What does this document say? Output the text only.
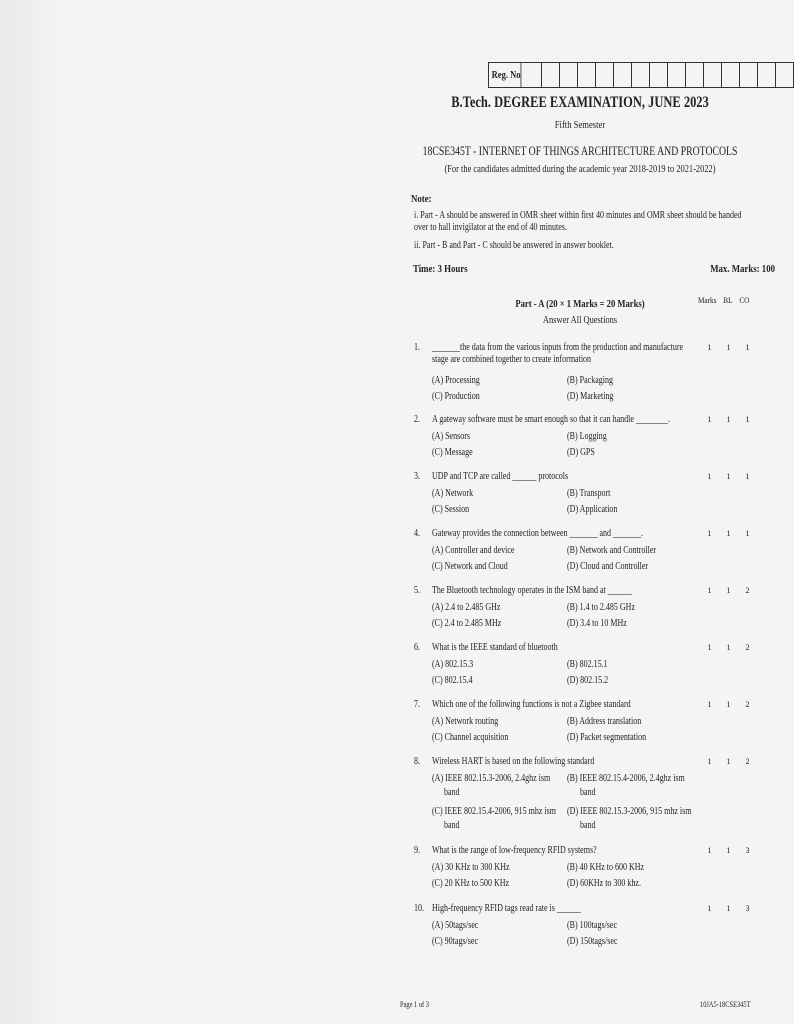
Reg. No
B.Tech. DEGREE EXAMINATION, JUNE 2023
Fifth Semester
18CSE345T - INTERNET OF THINGS ARCHITECTURE AND PROTOCOLS
(For the candidates admitted during the academic year 2018-2019 to 2021-2022)
Note:
i. Part - A should be answered in OMR sheet within first 40 minutes and OMR sheet should be handed over to hall invigilator at the end of 40 minutes.
ii. Part - B and Part - C should be answered in answer booklet.
Time: 3 Hours	Max. Marks: 100
Part - A (20 × 1 Marks = 20 Marks)
Answer All Questions
Marks BL CO
1. _______the data from the various inputs from the production and manufacture stage are combined together to create information
(A) Processing	(B) Packaging
(C) Production	(D) Marketing
1 1 1
2. A gateway software must be smart enough so that it can handle ________.
(A) Sensors	(B) Logging
(C) Message	(D) GPS
1 1 1
3. UDP and TCP are called ______ protocols
(A) Network	(B) Transport
(C) Session	(D) Application
1 1 1
4. Gateway provides the connection between _______ and _______.
(A) Controller and device	(B) Network and Controller
(C) Network and Cloud	(D) Cloud and Controller
1 1 1
5. The Bluetooth technology operates in the ISM band at ______
(A) 2.4 to 2.485 GHz	(B) 1.4 to 2.485 GHz
(C) 2.4 to 2.485 MHz	(D) 3.4 to 10 MHz
1 1 2
6. What is the IEEE standard of bluetooth
(A) 802.15.3	(B) 802.15.1
(C) 802.15.4	(D) 802.15.2
1 1 2
7. Which one of the following functions is not a Zigbee standard
(A) Network routing	(B) Address translation
(C) Channel acquisition	(D) Packet segmentation
1 1 2
8. Wireless HART is based on the following standard
(A) IEEE 802.15.3-2006, 2.4ghz ism
band
(B) IEEE 802.15.4-2006, 2.4ghz ism
band
(C) IEEE 802.15.4-2006, 915 mhz ism
band
(D) IEEE 802.15.3-2006, 915 mhz ism
band
1 1 2
9. What is the range of low-frequency RFID systems?
(A) 30 KHz to 300 KHz	(B) 40 KHz to 600 KHz
(C) 20 KHz to 500 KHz	(D) 60KHz to 300 khz.
1 1 3
10. High-frequency RFID tags read rate is ______
(A) 50tags/sec	(B) 100tags/sec
(C) 90tags/sec	(D) 150tags/sec
1 1 3
Page 1 of 3	10JA5-18CSE345T
